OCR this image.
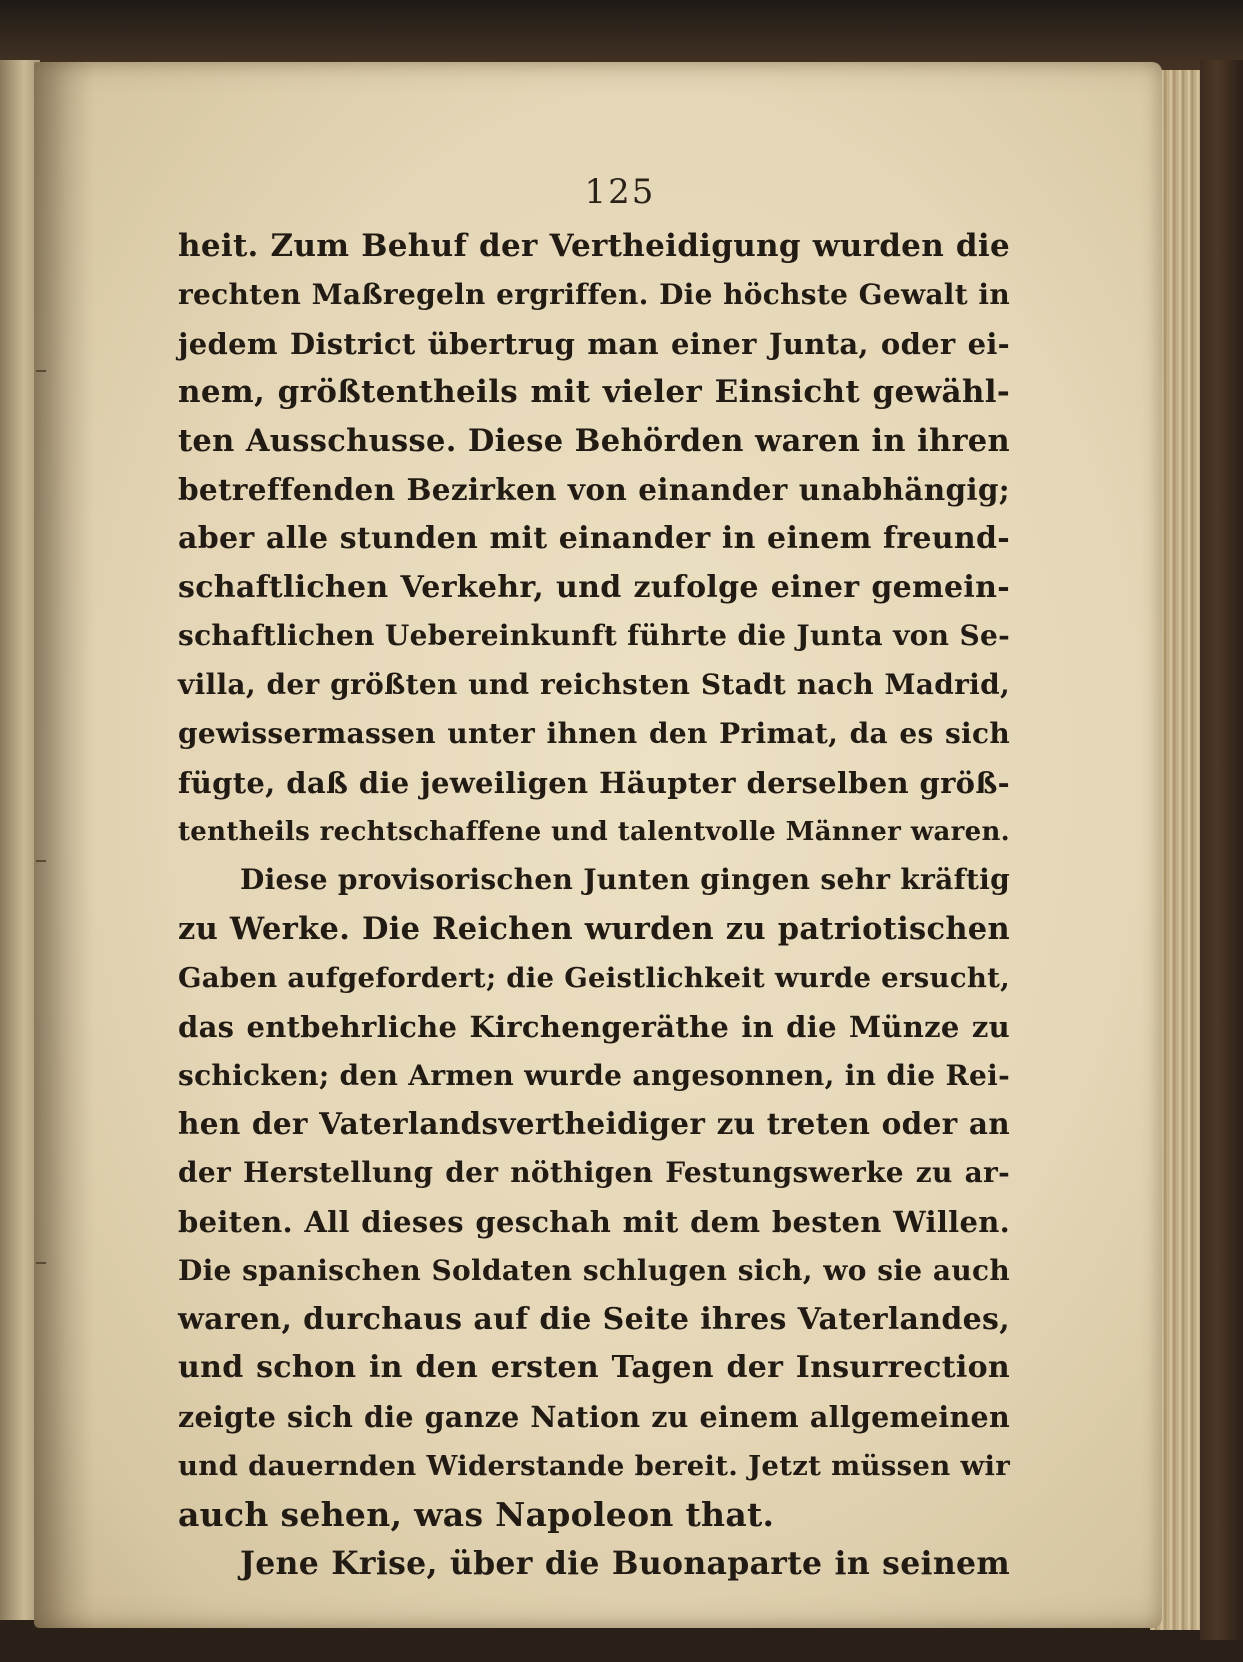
125
heit. Zum Behuf der Vertheidigung wurden die
rechten Maßregeln ergriffen. Die höchste Gewalt in
jedem District übertrug man einer Junta, oder ei-
nem, größtentheils mit vieler Einsicht gewähl-
ten Ausschusse. Diese Behörden waren in ihren
betreffenden Bezirken von einander unabhängig;
aber alle stunden mit einander in einem freund-
schaftlichen Verkehr, und zufolge einer gemein-
schaftlichen Uebereinkunft führte die Junta von Se-
villa, der größten und reichsten Stadt nach Madrid,
gewissermassen unter ihnen den Primat, da es sich
fügte, daß die jeweiligen Häupter derselben größ-
tentheils rechtschaffene und talentvolle Männer waren.
Diese provisorischen Junten gingen sehr kräftig
zu Werke. Die Reichen wurden zu patriotischen
Gaben aufgefordert; die Geistlichkeit wurde ersucht,
das entbehrliche Kirchengeräthe in die Münze zu
schicken; den Armen wurde angesonnen, in die Rei-
hen der Vaterlandsvertheidiger zu treten oder an
der Herstellung der nöthigen Festungswerke zu ar-
beiten. All dieses geschah mit dem besten Willen.
Die spanischen Soldaten schlugen sich, wo sie auch
waren, durchaus auf die Seite ihres Vaterlandes,
und schon in den ersten Tagen der Insurrection
zeigte sich die ganze Nation zu einem allgemeinen
und dauernden Widerstande bereit. Jetzt müssen wir
auch sehen, was Napoleon that.
Jene Krise, über die Buonaparte in seinem
